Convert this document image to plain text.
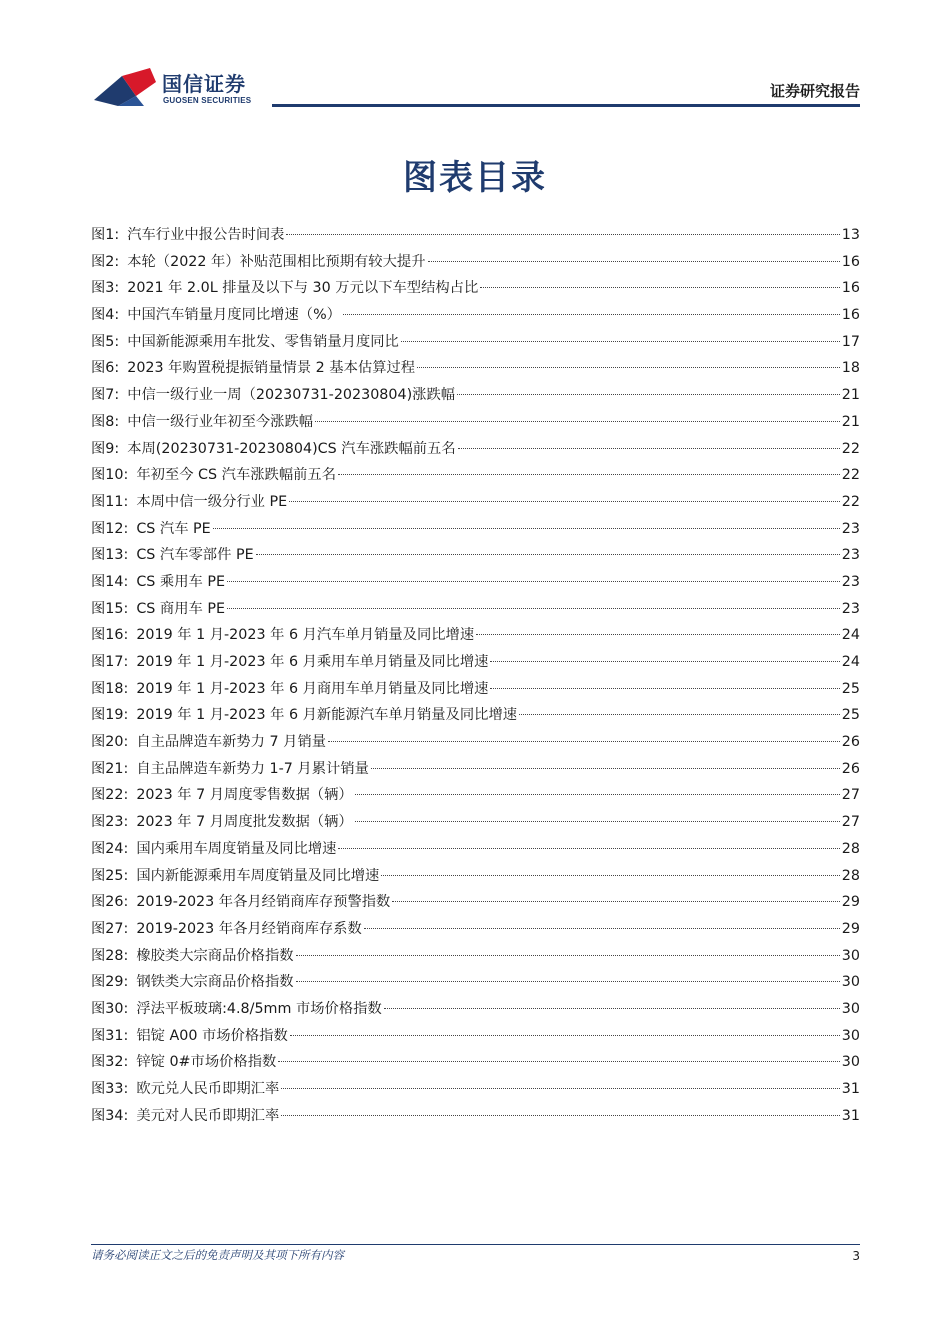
国信证券
GUOSEN SECURITIES
证券研究报告
图表目录
图1: 汽车行业中报公告时间表	13
图2: 本轮（2022 年）补贴范围相比预期有较大提升	16
图3: 2021 年 2.0L 排量及以下与 30 万元以下车型结构占比	16
图4: 中国汽车销量月度同比增速（%）	16
图5: 中国新能源乘用车批发、零售销量月度同比	17
图6: 2023 年购置税提振销量情景 2 基本估算过程	18
图7: 中信一级行业一周（20230731-20230804)涨跌幅	21
图8: 中信一级行业年初至今涨跌幅	21
图9: 本周(20230731-20230804)CS 汽车涨跌幅前五名	22
图10: 年初至今 CS 汽车涨跌幅前五名	22
图11: 本周中信一级分行业 PE	22
图12: CS 汽车 PE	23
图13: CS 汽车零部件 PE	23
图14: CS 乘用车 PE	23
图15: CS 商用车 PE	23
图16: 2019 年 1 月-2023 年 6 月汽车单月销量及同比增速	24
图17: 2019 年 1 月-2023 年 6 月乘用车单月销量及同比增速	24
图18: 2019 年 1 月-2023 年 6 月商用车单月销量及同比增速	25
图19: 2019 年 1 月-2023 年 6 月新能源汽车单月销量及同比增速	25
图20: 自主品牌造车新势力 7 月销量	26
图21: 自主品牌造车新势力 1-7 月累计销量	26
图22: 2023 年 7 月周度零售数据（辆）	27
图23: 2023 年 7 月周度批发数据（辆）	27
图24: 国内乘用车周度销量及同比增速	28
图25: 国内新能源乘用车周度销量及同比增速	28
图26: 2019-2023 年各月经销商库存预警指数	29
图27: 2019-2023 年各月经销商库存系数	29
图28: 橡胶类大宗商品价格指数	30
图29: 钢铁类大宗商品价格指数	30
图30: 浮法平板玻璃:4.8/5mm 市场价格指数	30
图31: 铝锭 A00 市场价格指数	30
图32: 锌锭 0#市场价格指数	30
图33: 欧元兑人民币即期汇率	31
图34: 美元对人民币即期汇率	31
请务必阅读正文之后的免责声明及其项下所有内容	3
